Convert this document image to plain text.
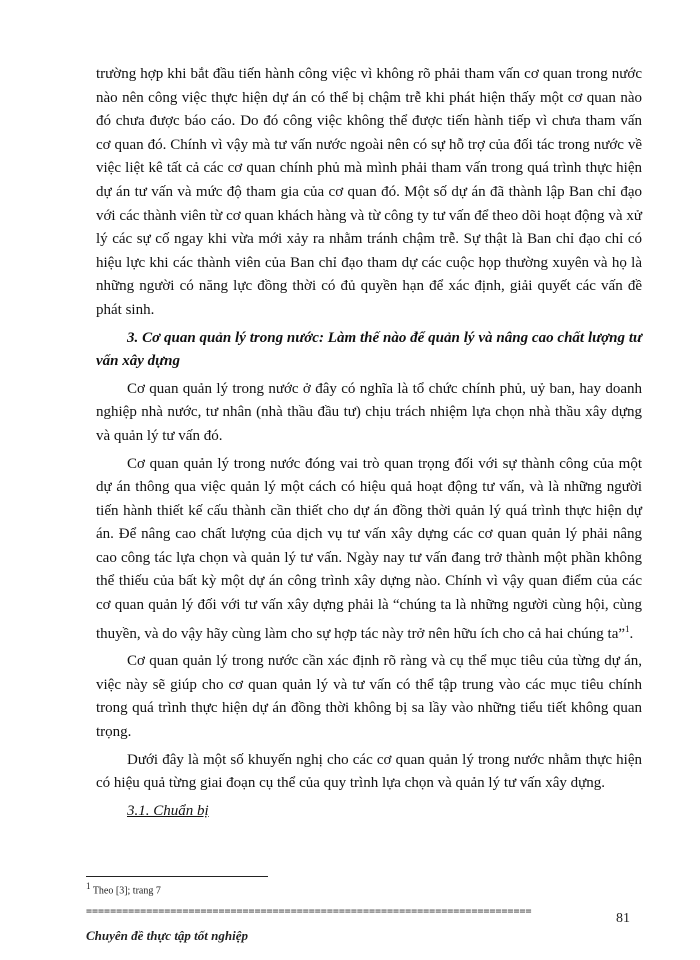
trường hợp khi bắt đầu tiến hành công việc vì không rõ phải tham vấn cơ quan trong nước nào nên công việc thực hiện dự án có thể bị chậm trễ khi phát hiện thấy một cơ quan nào đó chưa được báo cáo. Do đó công việc không thể được tiến hành tiếp vì chưa tham vấn cơ quan đó. Chính vì vậy mà tư vấn nước ngoài nên có sự hỗ trợ của đối tác trong nước về việc liệt kê tất cả các cơ quan chính phủ mà mình phải tham vấn trong quá trình thực hiện dự án tư vấn và mức độ tham gia của cơ quan đó. Một số dự án đã thành lập Ban chỉ đạo với các thành viên từ cơ quan khách hàng và từ công ty tư vấn để theo dõi hoạt động và xử lý các sự cố ngay khi vừa mới xảy ra nhằm tránh chậm trễ. Sự thật là Ban chỉ đạo chỉ có hiệu lực khi các thành viên của Ban chỉ đạo tham dự các cuộc họp thường xuyên và họ là những người có năng lực đồng thời có đủ quyền hạn để xác định, giải quyết các vấn đề phát sinh.

3. Cơ quan quản lý trong nước: Làm thế nào để quản lý và nâng cao chất lượng tư vấn xây dựng

Cơ quan quản lý trong nước ở đây có nghĩa là tổ chức chính phủ, uỷ ban, hay doanh nghiệp nhà nước, tư nhân (nhà thầu đầu tư) chịu trách nhiệm lựa chọn nhà thầu xây dựng và quản lý tư vấn đó.

Cơ quan quản lý trong nước đóng vai trò quan trọng đối với sự thành công của một dự án thông qua việc quản lý một cách có hiệu quả hoạt động tư vấn, và là những người tiến hành thiết kế cấu thành cần thiết cho dự án đồng thời quản lý quá trình thực hiện dự án. Để nâng cao chất lượng của dịch vụ tư vấn xây dựng các cơ quan quản lý phải nâng cao công tác lựa chọn và quản lý tư vấn. Ngày nay tư vấn đang trở thành một phần không thể thiếu của bất kỳ một dự án công trình xây dựng nào. Chính vì vậy quan điểm của các cơ quan quản lý đối với tư vấn xây dựng phải là “chúng ta là những người cùng hội, cùng thuyền, và do vậy hãy cùng làm cho sự hợp tác này trở nên hữu ích cho cả hai chúng ta”$^1$.

Cơ quan quản lý trong nước cần xác định rõ ràng và cụ thể mục tiêu của từng dự án, việc này sẽ giúp cho cơ quan quản lý và tư vấn có thể tập trung vào các mục tiêu chính trong quá trình thực hiện dự án đồng thời không bị sa lầy vào những tiểu tiết không quan trọng.

Dưới đây là một số khuyến nghị cho các cơ quan quản lý trong nước nhằm thực hiện có hiệu quả từng giai đoạn cụ thể của quy trình lựa chọn và quản lý tư vấn xây dựng.

3.1. Chuẩn bị

$^1$ Theo [3]; trang 7
==========================================================================	81
Chuyên đề thực tập tốt nghiệp
